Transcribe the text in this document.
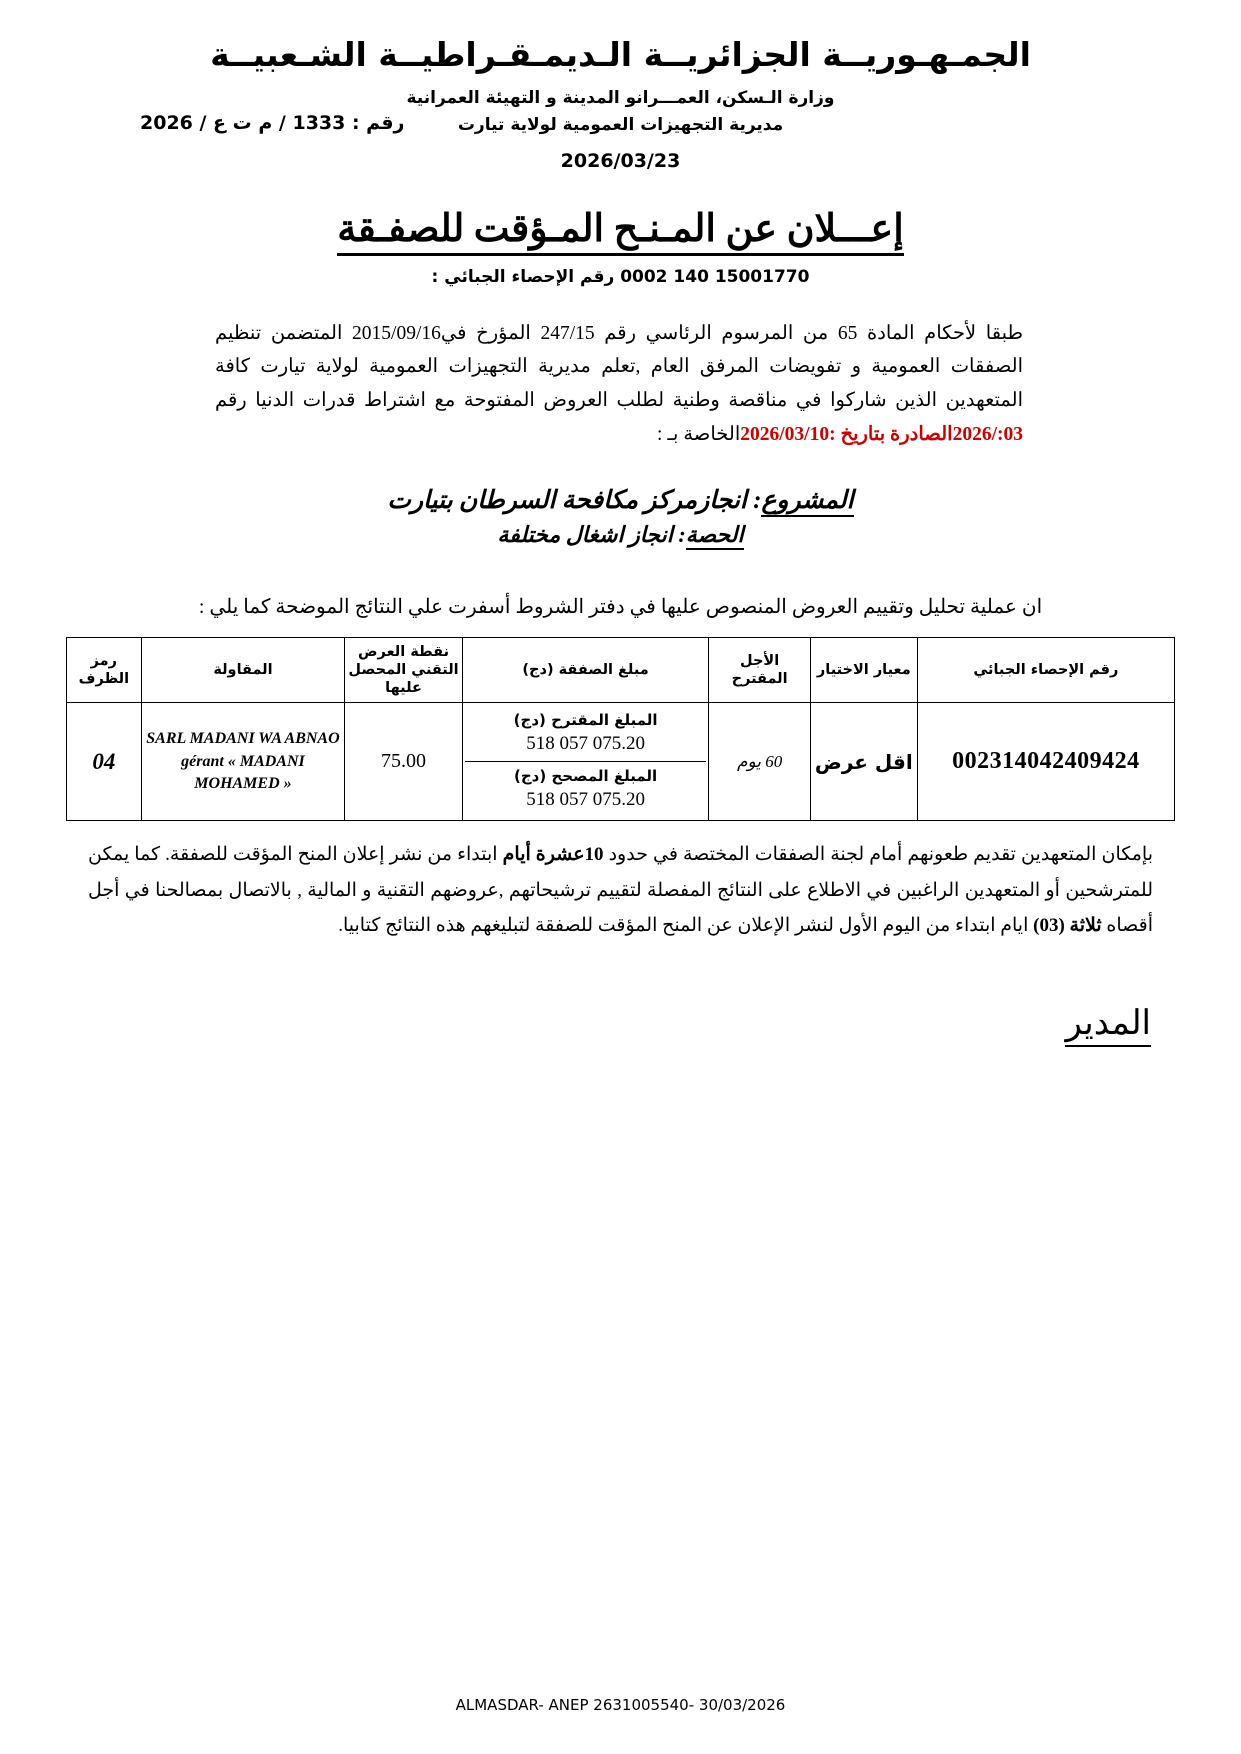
الجمـهـوريــة الجزائريــة الـديمـقـراطيــة الشـعبيــة
وزارة الـسكن، العمـــرانو المدينة و التهيئة العمرانية
مديرية التجهيزات العمومية لولاية تيارت
رقم : 1333 / م ت ع / 2026
2026/03/23
إعـــلان عن المـنـح المـؤقت للصفـقة
0002 140 15001770 رقم الإحصاء الجبائي :
طبقا لأحكام المادة 65 من المرسوم الرئاسي رقم 247/15 المؤرخ في2015/09/16 المتضمن تنظيم الصفقات العمومية و تفويضات المرفق العام ,تعلم مديرية التجهيزات العمومية لولاية تيارت كافة المتعهدين الذين شاركوا في مناقصة وطنية لطلب العروض المفتوحة مع اشتراط قدرات الدنيا رقم 03:/2026الصادرة بتاريخ :2026/03/10الخاصة بـ :
المشروع: انجازمركز مكافحة السرطان بتيارت
الحصة: انجاز اشغال مختلفة
ان عملية تحليل وتقييم العروض المنصوص عليها في دفتر الشروط أسفرت علي النتائج الموضحة كما يلي :
رقم الإحصاء الجبائي	معيار الاختيار	الأجل المقترح	مبلغ الصفقة (دج)	نقطة العرض التقني المحصل عليها	المقاولة	رمز الظرف
002314042409424	اقل عرض	60 يوم	المبلغ المقترح (دج)
518 057 075.20
المبلغ المصحح (دج)
518 057 075.20	75.00	SARL MADANI WA ABNAO gérant « MADANI MOHAMED »	04
بإمكان المتعهدين تقديم طعونهم أمام لجنة الصفقات المختصة في حدود 10عشرة أيام ابتداء من نشر إعلان المنح المؤقت للصفقة. كما يمكن للمترشحين أو المتعهدين الراغبين في الاطلاع على النتائج المفصلة لتقييم ترشيحاتهم ,عروضهم التقنية و المالية , بالاتصال بمصالحنا في أجل أقصاه ثلاثة (03) ايام ابتداء من اليوم الأول لنشر الإعلان عن المنح المؤقت للصفقة لتبليغهم هذه النتائج كتابيا.
المدير
ALMASDAR- ANEP 2631005540- 30/03/2026
